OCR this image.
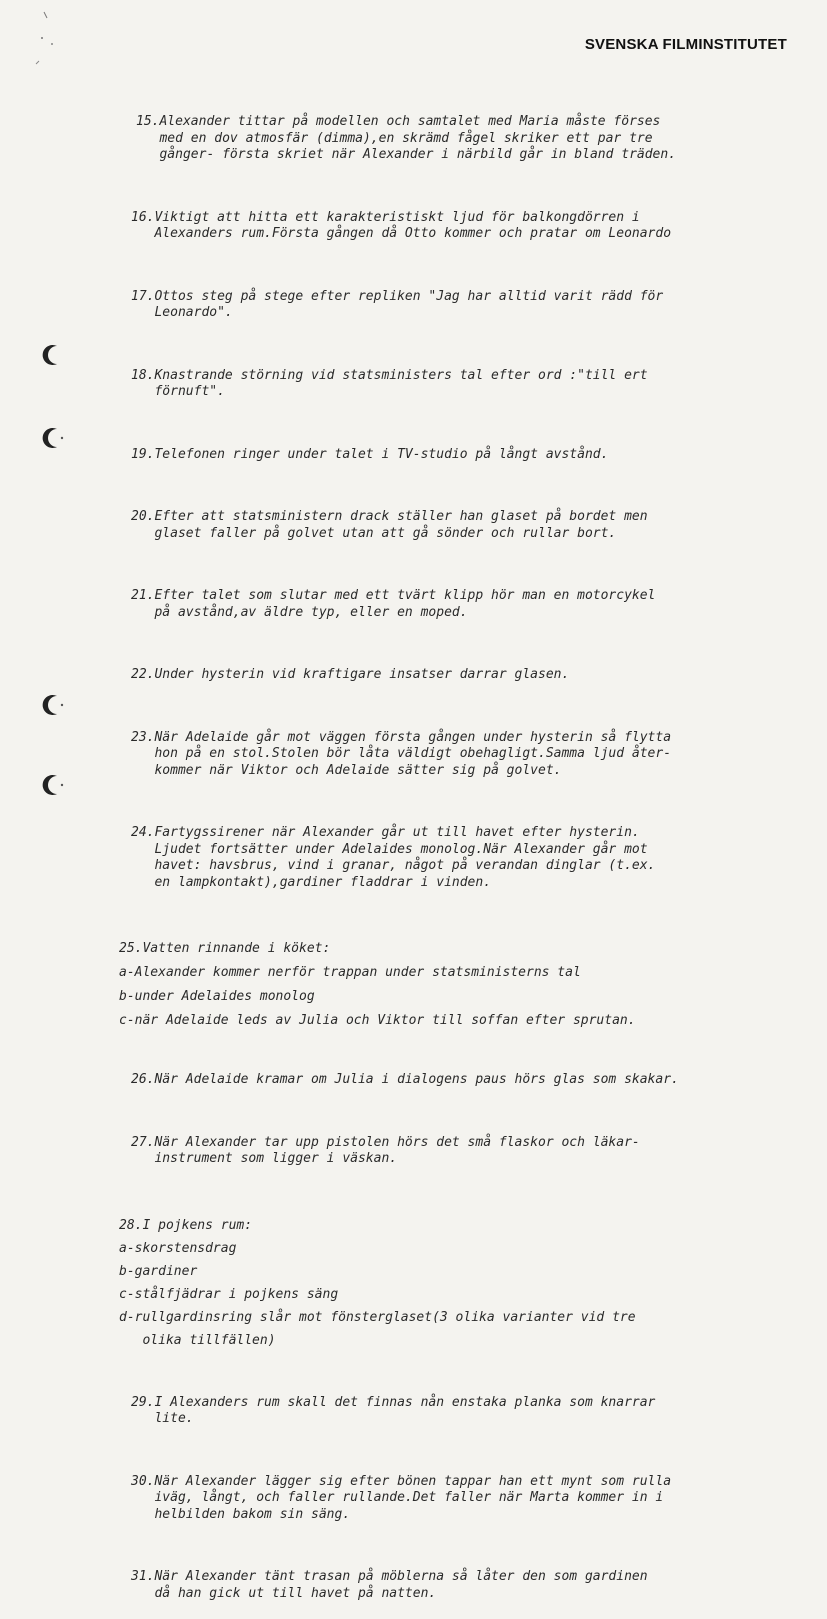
SVENSKA FILMINSTITUTET

15.Alexander tittar på modellen och samtalet med Maria måste förses
med en dov atmosfär (dimma),en skrämd fågel skriker ett par tre
gånger- första skriet när Alexander i närbild går in bland träden.

16.Viktigt att hitta ett karakteristiskt ljud för balkongdörren i
Alexanders rum.Första gången då Otto kommer och pratar om Leonardo

17.Ottos steg på stege efter repliken "Jag har alltid varit rädd för
Leonardo".

18.Knastrande störning vid statsministers tal efter ord :"till ert
förnuft".

19.Telefonen ringer under talet i TV-studio på långt avstånd.

20.Efter att statsministern drack ställer han glaset på bordet men
glaset faller på golvet utan att gå sönder och rullar bort.

21.Efter talet som slutar med ett tvärt klipp hör man en motorcykel
på avstånd,av äldre typ, eller en moped.

22.Under hysterin vid kraftigare insatser darrar glasen.

23.När Adelaide går mot väggen första gången under hysterin så flytta
hon på en stol.Stolen bör låta väldigt obehagligt.Samma ljud åter-
kommer när Viktor och Adelaide sätter sig på golvet.

24.Fartygssirener när Alexander går ut till havet efter hysterin.
Ljudet fortsätter under Adelaides monolog.När Alexander går mot
havet: havsbrus, vind i granar, något på verandan dinglar (t.ex.
en lampkontakt),gardiner fladdrar i vinden.

25.Vatten rinnande i köket:
a-Alexander kommer nerför trappan under statsministerns tal
b-under Adelaides monolog
c-när Adelaide leds av Julia och Viktor till soffan efter sprutan.

26.När Adelaide kramar om Julia i dialogens paus hörs glas som skakar.

27.När Alexander tar upp pistolen hörs det små flaskor och läkar-
instrument som ligger i väskan.

28.I pojkens rum:
a-skorstensdrag
b-gardiner
c-stålfjädrar i pojkens säng
d-rullgardinsring slår mot fönsterglaset(3 olika varianter vid tre
olika tillfällen)

29.I Alexanders rum skall det finnas nån enstaka planka som knarrar
lite.

30.När Alexander lägger sig efter bönen tappar han ett mynt som rulla
iväg, långt, och faller rullande.Det faller när Marta kommer in i
helbilden bakom sin säng.

31.När Alexander tänt trasan på möblerna så låter den som gardinen
då han gick ut till havet på natten.
